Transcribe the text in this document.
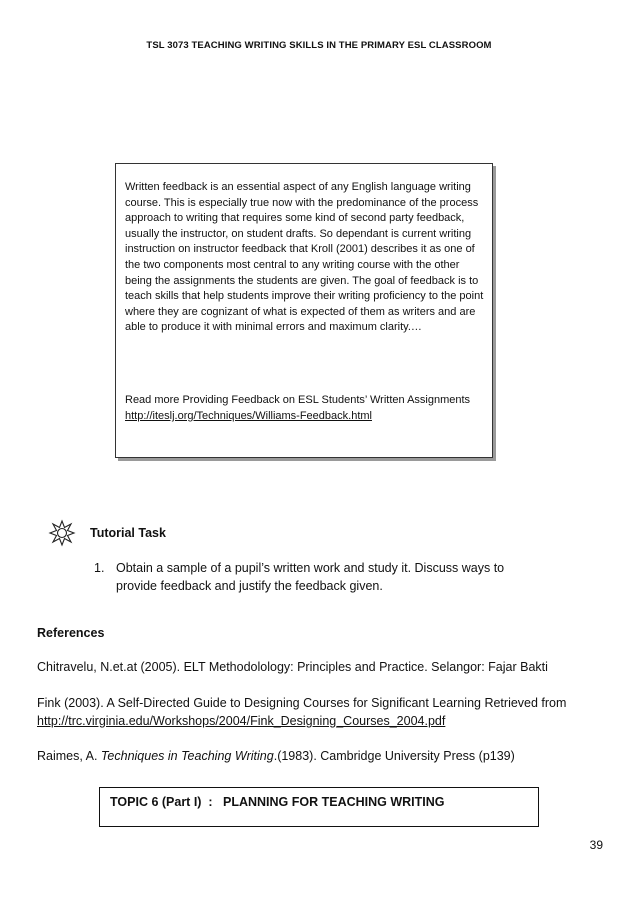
TSL 3073 TEACHING WRITING SKILLS IN THE PRIMARY ESL CLASSROOM
Written feedback is an essential aspect of any English language writing course. This is especially true now with the predominance of the process approach to writing that requires some kind of second party feedback, usually the instructor, on student drafts. So dependant is current writing instruction on instructor feedback that Kroll (2001) describes it as one of the two components most central to any writing course with the other being the assignments the students are given. The goal of feedback is to teach skills that help students improve their writing proficiency to the point where they are cognizant of what is expected of them as writers and are able to produce it with minimal errors and maximum clarity.…
Read more Providing Feedback on ESL Students’ Written Assignments http://iteslj.org/Techniques/Williams-Feedback.html
Tutorial Task
1. Obtain a sample of a pupil’s written work and study it. Discuss ways to provide feedback and justify the feedback given.
References
Chitravelu, N.et.at (2005). ELT Methodolology: Principles and Practice. Selangor: Fajar Bakti
Fink (2003). A Self-Directed Guide to Designing Courses for Significant Learning Retrieved from
http://trc.virginia.edu/Workshops/2004/Fink_Designing_Courses_2004.pdf
Raimes, A. Techniques in Teaching Writing.(1983). Cambridge University Press (p139)
TOPIC 6 (Part I)  :   PLANNING FOR TEACHING WRITING
39
